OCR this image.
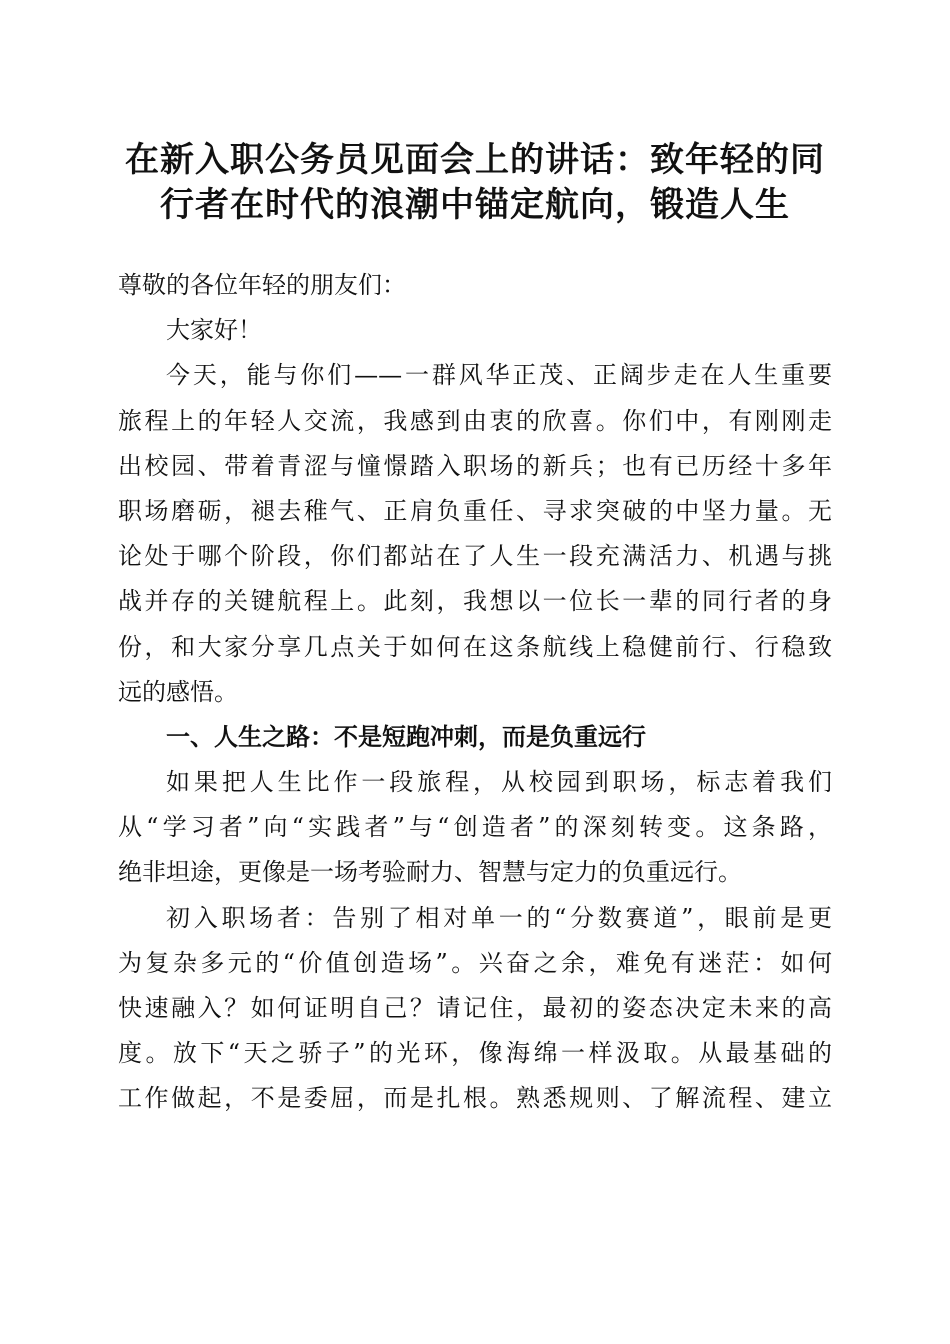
在新入职公务员见面会上的讲话：致年轻的同
行者在时代的浪潮中锚定航向，锻造人生
尊敬的各位年轻的朋友们：
大家好！
今天，能与你们——一群风华正茂、正阔步走在人生重要
旅程上的年轻人交流，我感到由衷的欣喜。你们中，有刚刚走
出校园、带着青涩与憧憬踏入职场的新兵；也有已历经十多年
职场磨砺，褪去稚气、正肩负重任、寻求突破的中坚力量。无
论处于哪个阶段，你们都站在了人生一段充满活力、机遇与挑
战并存的关键航程上。此刻，我想以一位长一辈的同行者的身
份，和大家分享几点关于如何在这条航线上稳健前行、行稳致
远的感悟。
一、人生之路：不是短跑冲刺，而是负重远行
如果把人生比作一段旅程，从校园到职场，标志着我们
从“学习者”向“实践者”与“创造者”的深刻转变。这条路，
绝非坦途，更像是一场考验耐力、智慧与定力的负重远行。
初入职场者：告别了相对单一的“分数赛道”，眼前是更
为复杂多元的“价值创造场”。兴奋之余，难免有迷茫：如何
快速融入？如何证明自己？请记住，最初的姿态决定未来的高
度。放下“天之骄子”的光环，像海绵一样汲取。从最基础的
工作做起，不是委屈，而是扎根。熟悉规则、了解流程、建立
